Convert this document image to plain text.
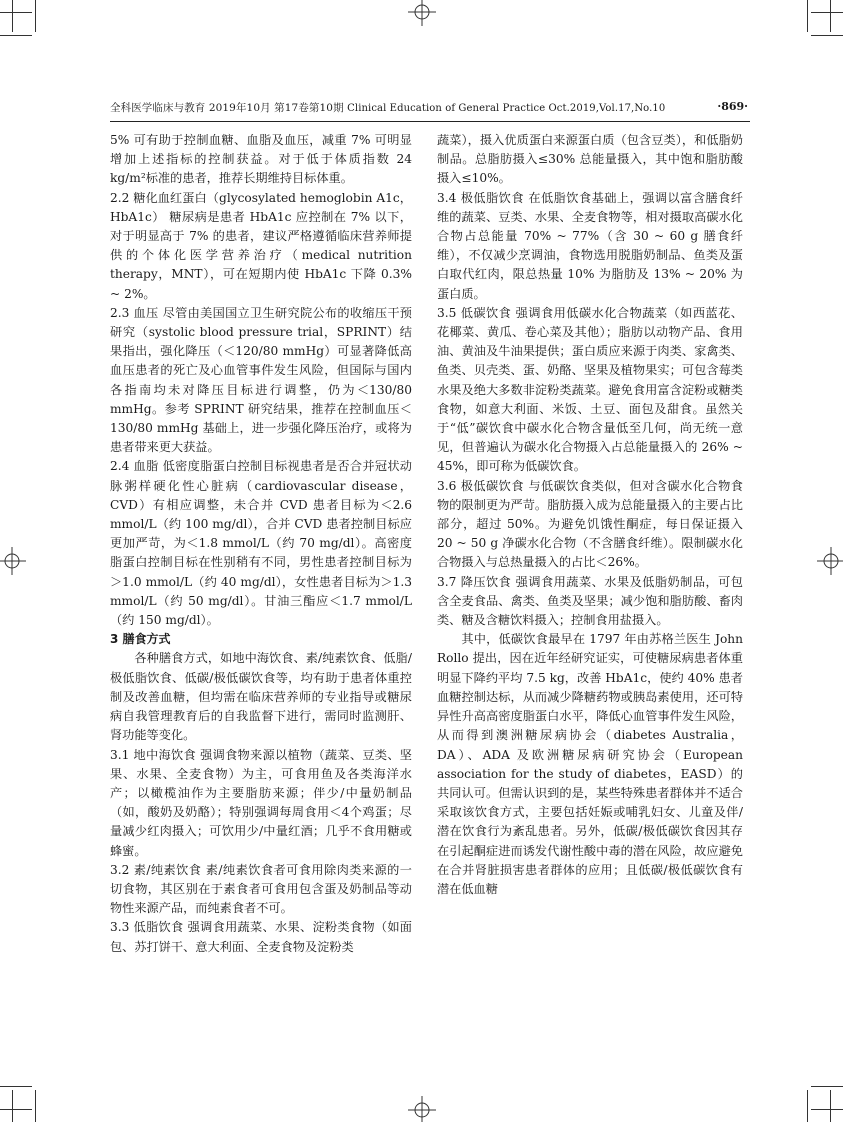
全科医学临床与教育 2019年10月 第17卷第10期 Clinical Education of General Practice Oct.2019,Vol.17,No.10	·869·

5% 可有助于控制血糖、血脂及血压，减重 7% 可明显增加上述指标的控制获益。对于低于体质指数 24 kg/m²标准的患者，推荐长期维持目标体重。

2.2 糖化血红蛋白（glycosylated hemoglobin A1c，HbA1c） 糖尿病是患者 HbA1c 应控制在 7% 以下，对于明显高于 7% 的患者，建议严格遵循临床营养师提供的个体化医学营养治疗（medical nutrition therapy，MNT），可在短期内使 HbA1c 下降 0.3% ~ 2%。

2.3 血压 尽管由美国国立卫生研究院公布的收缩压干预研究（systolic blood pressure trial，SPRINT）结果指出，强化降压（＜120/80 mmHg）可显著降低高血压患者的死亡及心血管事件发生风险，但国际与国内各指南均未对降压目标进行调整，仍为＜130/80 mmHg。参考 SPRINT 研究结果，推荐在控制血压＜130/80 mmHg 基础上，进一步强化降压治疗，或将为患者带来更大获益。

2.4 血脂 低密度脂蛋白控制目标视患者是否合并冠状动脉粥样硬化性心脏病（cardiovascular disease，CVD）有相应调整，未合并 CVD 患者目标为＜2.6 mmol/L（约 100 mg/dl），合并 CVD 患者控制目标应更加严苛，为＜1.8 mmol/L（约 70 mg/dl）。高密度脂蛋白控制目标在性别稍有不同，男性患者控制目标为＞1.0 mmol/L（约 40 mg/dl），女性患者目标为＞1.3 mmol/L（约 50 mg/dl）。甘油三酯应＜1.7 mmol/L（约 150 mg/dl）。

3 膳食方式

各种膳食方式，如地中海饮食、素/纯素饮食、低脂/极低脂饮食、低碳/极低碳饮食等，均有助于患者体重控制及改善血糖，但均需在临床营养师的专业指导或糖尿病自我管理教育后的自我监督下进行，需同时监测肝、肾功能等变化。

3.1 地中海饮食 强调食物来源以植物（蔬菜、豆类、坚果、水果、全麦食物）为主，可食用鱼及各类海洋水产；以橄榄油作为主要脂肪来源；伴少/中量奶制品（如，酸奶及奶酪）；特别强调每周食用＜4个鸡蛋；尽量减少红肉摄入；可饮用少/中量红酒；几乎不食用糖或蜂蜜。

3.2 素/纯素饮食 素/纯素饮食者可食用除肉类来源的一切食物，其区别在于素食者可食用包含蛋及奶制品等动物性来源产品，而纯素食者不可。

3.3 低脂饮食 强调食用蔬菜、水果、淀粉类食物（如面包、苏打饼干、意大利面、全麦食物及淀粉类

蔬菜），摄入优质蛋白来源蛋白质（包含豆类），和低脂奶制品。总脂肪摄入≤30% 总能量摄入，其中饱和脂肪酸摄入≤10%。

3.4 极低脂饮食 在低脂饮食基础上，强调以富含膳食纤维的蔬菜、豆类、水果、全麦食物等，相对摄取高碳水化合物占总能量 70% ~ 77%（含 30 ~ 60 g 膳食纤维），不仅减少烹调油，食物选用脱脂奶制品、鱼类及蛋白取代红肉，限总热量 10% 为脂肪及 13% ~ 20% 为蛋白质。

3.5 低碳饮食 强调食用低碳水化合物蔬菜（如西蓝花、花椰菜、黄瓜、卷心菜及其他）；脂肪以动物产品、食用油、黄油及牛油果提供；蛋白质应来源于肉类、家禽类、鱼类、贝壳类、蛋、奶酪、坚果及植物果实；可包含莓类水果及绝大多数非淀粉类蔬菜。避免食用富含淀粉或糖类食物，如意大利面、米饭、土豆、面包及甜食。虽然关于“低”碳饮食中碳水化合物含量低至几何，尚无统一意见，但普遍认为碳水化合物摄入占总能量摄入的 26% ~ 45%，即可称为低碳饮食。

3.6 极低碳饮食 与低碳饮食类似，但对含碳水化合物食物的限制更为严苛。脂肪摄入成为总能量摄入的主要占比部分，超过 50%。为避免饥饿性酮症，每日保证摄入 20 ~ 50 g 净碳水化合物（不含膳食纤维）。限制碳水化合物摄入与总热量摄入的占比＜26%。

3.7 降压饮食 强调食用蔬菜、水果及低脂奶制品，可包含全麦食品、禽类、鱼类及坚果；减少饱和脂肪酸、畜肉类、糖及含糖饮料摄入；控制食用盐摄入。

其中，低碳饮食最早在 1797 年由苏格兰医生 John Rollo 提出，因在近年经研究证实，可使糖尿病患者体重明显下降约平均 7.5 kg，改善 HbA1c，使约 40% 患者血糖控制达标，从而减少降糖药物或胰岛素使用，还可特异性升高高密度脂蛋白水平，降低心血管事件发生风险，从而得到澳洲糖尿病协会（diabetes Australia，DA）、ADA 及欧洲糖尿病研究协会（European association for the study of diabetes，EASD）的共同认可。但需认识到的是，某些特殊患者群体并不适合采取该饮食方式，主要包括妊娠或哺乳妇女、儿童及伴/潜在饮食行为紊乱患者。另外，低碳/极低碳饮食因其存在引起酮症进而诱发代谢性酸中毒的潜在风险，故应避免在合并肾脏损害患者群体的应用；且低碳/极低碳饮食有潜在低血糖
